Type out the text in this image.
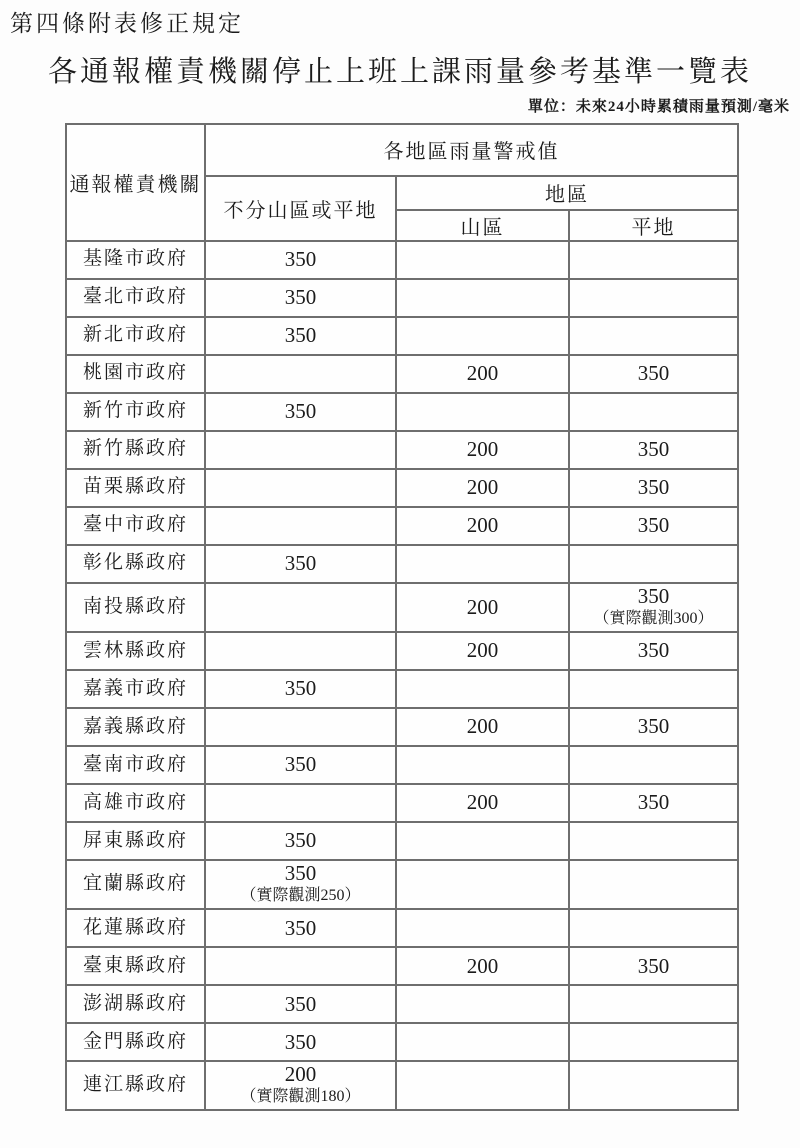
第四條附表修正規定
各通報權責機關停止上班上課雨量參考基準一覽表
單位：未來24小時累積雨量預測/毫米
通報權責機關	各地區雨量警戒值		
	不分山區或平地	地區	
		山區	平地

基隆市政府	350		

臺北市政府	350		

新北市政府	350		

桃園市政府		200	350

新竹市政府	350		

新竹縣政府		200	350

苗栗縣政府		200	350

臺中市政府		200	350

彰化縣政府	350		

南投縣政府		200	350
（實際觀測300）

雲林縣政府		200	350

嘉義市政府	350		

嘉義縣政府		200	350

臺南市政府	350		

高雄市政府		200	350

屏東縣政府	350		

宜蘭縣政府	350
（實際觀測250）		

花蓮縣政府	350		

臺東縣政府		200	350

澎湖縣政府	350		

金門縣政府	350		

連江縣政府	200
（實際觀測180）		
